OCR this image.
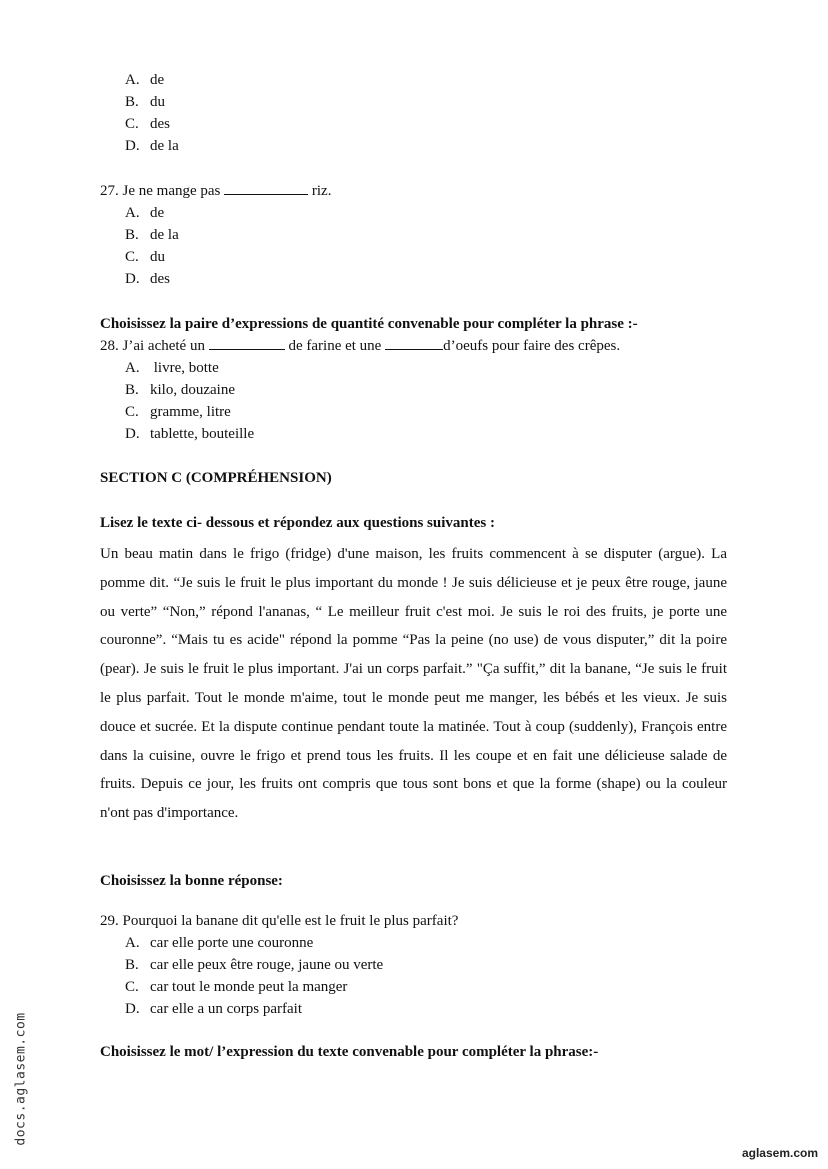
A. de
B. du
C. des
D. de la
27. Je ne mange pas	riz.
A. de
B. de la
C. du
D. des
Choisissez la paire d’expressions de quantité convenable pour compléter la phrase :-
28. J’ai acheté un	de farine et une	d’oeufs pour faire des crêpes.
A. livre, botte
B. kilo, douzaine
C. gramme, litre
D. tablette, bouteille
SECTION C (COMPRÉHENSION)
Lisez le texte ci- dessous et répondez aux questions suivantes :
Un beau matin dans le frigo (fridge) d'une maison, les fruits commencent à se disputer (argue). La pomme dit. “Je suis le fruit le plus important du monde ! Je suis délicieuse et je peux être rouge, jaune ou verte” “Non,” répond l'ananas, “ Le meilleur fruit c'est moi. Je suis le roi des fruits, je porte une couronne”. “Mais tu es acide" répond la pomme “Pas la peine (no use) de vous disputer,” dit la poire (pear). Je suis le fruit le plus important. J'ai un corps parfait.” "Ça suffit,” dit la banane, “Je suis le fruit le plus parfait. Tout le monde m'aime, tout le monde peut me manger, les bébés et les vieux. Je suis douce et sucrée. Et la dispute continue pendant toute la matinée. Tout à coup (suddenly), François entre dans la cuisine, ouvre le frigo et prend tous les fruits. Il les coupe et en fait une délicieuse salade de fruits. Depuis ce jour, les fruits ont compris que tous sont bons et que la forme (shape) ou la couleur n'ont pas d'importance.
Choisissez la bonne réponse:
29. Pourquoi la banane dit qu'elle est le fruit le plus parfait?
A. car elle porte une couronne
B. car elle peux être rouge, jaune ou verte
C. car tout le monde peut la manger
D. car elle a un corps parfait
Choisissez le mot/ l’expression du texte convenable pour compléter la phrase:-
docs.aglasem.com
aglasem.com
